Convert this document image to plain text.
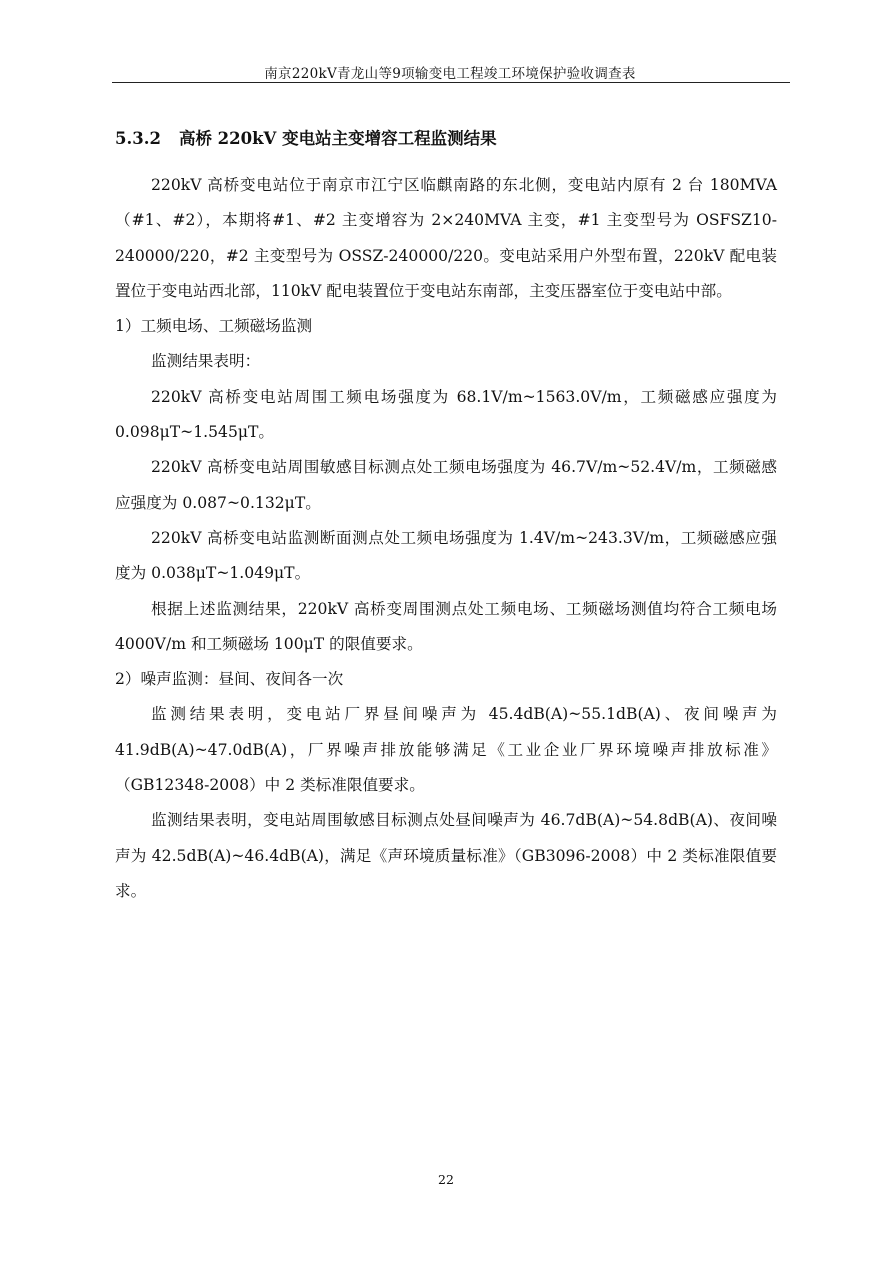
南京220kV青龙山等9项输变电工程竣工环境保护验收调查表
5.3.2 高桥 220kV 变电站主变增容工程监测结果

220kV 高桥变电站位于南京市江宁区临麒南路的东北侧，变电站内原有 2 台 180MVA（#1、#2），本期将#1、#2 主变增容为 2×240MVA 主变，#1 主变型号为 OSFSZ10-240000/220，#2 主变型号为 OSSZ-240000/220。变电站采用户外型布置，220kV 配电装置位于变电站西北部，110kV 配电装置位于变电站东南部，主变压器室位于变电站中部。

1）工频电场、工频磁场监测

监测结果表明：

220kV 高桥变电站周围工频电场强度为 68.1V/m~1563.0V/m，工频磁感应强度为 0.098μT~1.545μT。

220kV 高桥变电站周围敏感目标测点处工频电场强度为 46.7V/m~52.4V/m，工频磁感应强度为 0.087~0.132μT。

220kV 高桥变电站监测断面测点处工频电场强度为 1.4V/m~243.3V/m，工频磁感应强度为 0.038μT~1.049μT。

根据上述监测结果，220kV 高桥变周围测点处工频电场、工频磁场测值均符合工频电场 4000V/m 和工频磁场 100μT 的限值要求。

2）噪声监测：昼间、夜间各一次

监测结果表明，变电站厂界昼间噪声为 45.4dB(A)~55.1dB(A)、夜间噪声为 41.9dB(A)~47.0dB(A)，厂界噪声排放能够满足《工业企业厂界环境噪声排放标准》（GB12348-2008）中 2 类标准限值要求。

监测结果表明，变电站周围敏感目标测点处昼间噪声为 46.7dB(A)~54.8dB(A)、夜间噪声为 42.5dB(A)~46.4dB(A)，满足《声环境质量标准》（GB3096-2008）中 2 类标准限值要求。

22
